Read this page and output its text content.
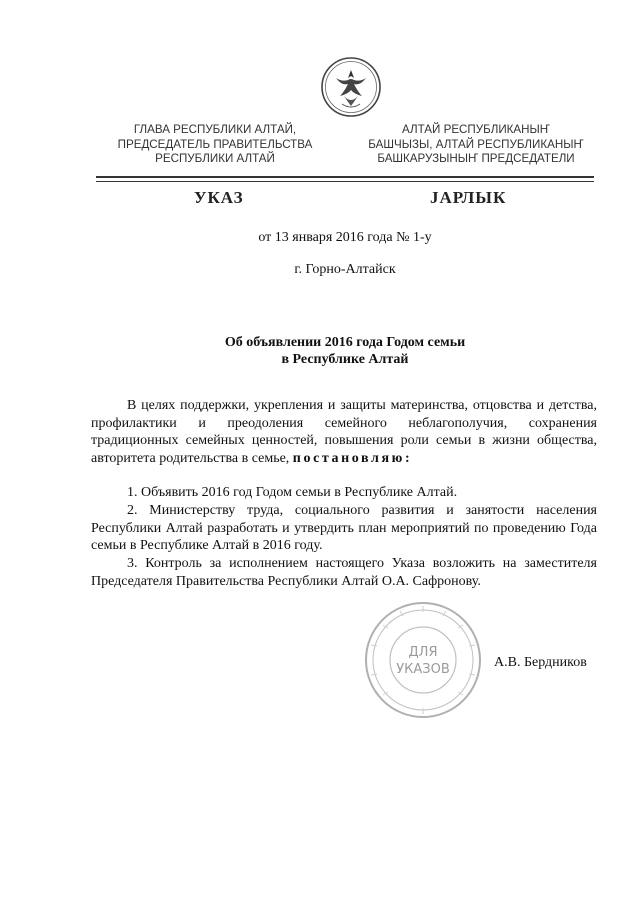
ГЛАВА РЕСПУБЛИКИ АЛТАЙ,
ПРЕДСЕДАТЕЛЬ ПРАВИТЕЛЬСТВА
РЕСПУБЛИКИ АЛТАЙ
АЛТАЙ РЕСПУБЛИКАНЫҤ
БАШЧЫЗЫ, АЛТАЙ РЕСПУБЛИКАНЫҤ
БАШКАРУЗЫНЫҤ ПРЕДСЕДАТЕЛИ
УКАЗ	ЈАРЛЫК
от 13 января 2016 года № 1-у
г. Горно-Алтайск
Об объявлении 2016 года Годом семьи
в Республике Алтай
В целях поддержки, укрепления и защиты материнства, отцовства и детства, профилактики и преодоления семейного неблагополучия, сохранения традиционных семейных ценностей, повышения роли семьи в жизни общества, авторитета родительства в семье, постановляю:
1. Объявить 2016 год Годом семьи в Республике Алтай.
2. Министерству труда, социального развития и занятости населения Республики Алтай разработать и утвердить план мероприятий по проведению Года семьи в Республике Алтай в 2016 году.
3. Контроль за исполнением настоящего Указа возложить на заместителя Председателя Правительства Республики Алтай О.А. Сафронову.
ДЛЯ
УКАЗОВ	А.В. Бердников
